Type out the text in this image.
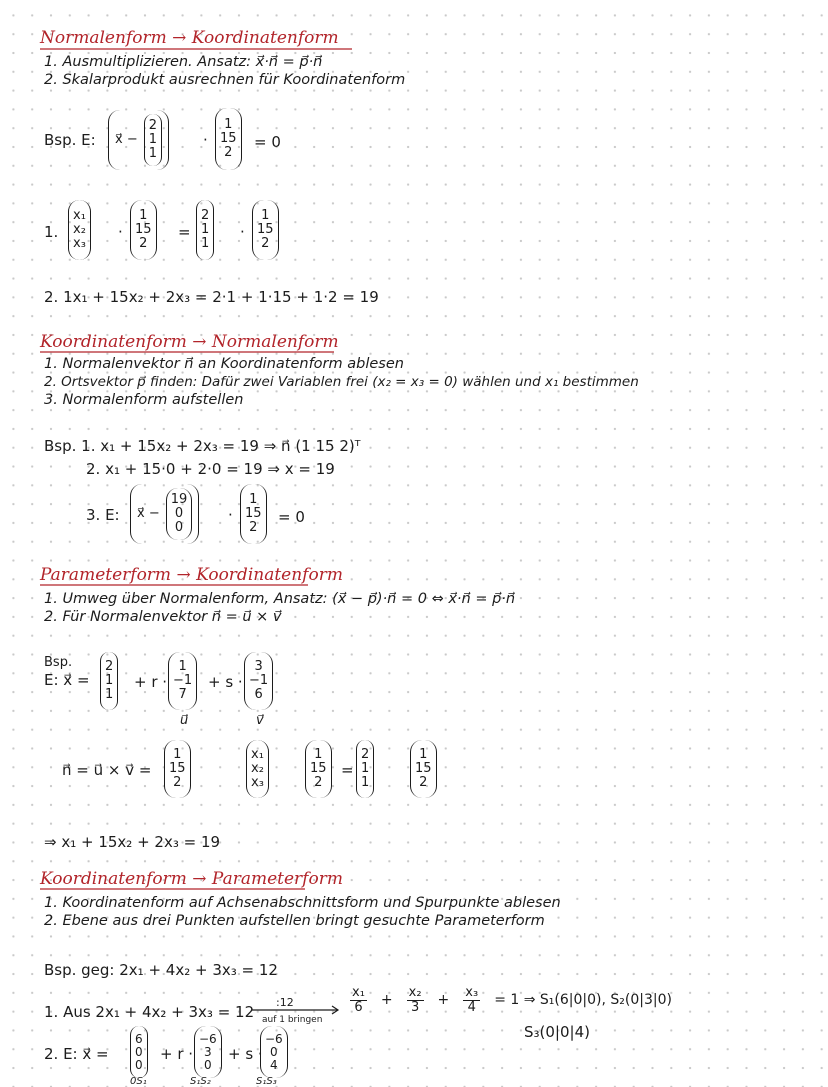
Normalenform → Koordinatenform
1. Ausmultiplizieren. Ansatz: x⃗·n⃗ = p⃗·n⃗
2. Skalarprodukt ausrechnen für Koordinatenform
Bsp. E: x⃗ −
2
1
1
·
1
15
2
= 0
1.
x₁
x₂
x₃
·
1
15
2
=
2
1
1
·
1
15
2
2. 1x₁ + 15x₂ + 2x₃ = 2·1 + 1·15 + 1·2 = 19
Koordinatenform → Normalenform
1. Normalenvektor n⃗ an Koordinatenform ablesen
2. Ortsvektor p⃗ finden: Dafür zwei Variablen frei (x₂ = x₃ = 0) wählen und x₁ bestimmen
3. Normalenform aufstellen
Bsp. 1. x₁ + 15x₂ + 2x₃ = 19 ⇒ n⃗ (1 15 2)ᵀ
2. x₁ + 15·0 + 2·0 = 19 ⇒ x = 19
3. E: x⃗ −
19
0
0
·
1
15
2
= 0
Parameterform → Koordinatenform
1. Umweg über Normalenform, Ansatz: (x⃗ − p⃗)·n⃗ = 0 ⇔ x⃗·n⃗ = p⃗·n⃗
2. Für Normalenvektor n⃗ = u⃗ × v⃗
Bsp.
E: x⃗ =
2
1
1
+ r ·
1
−1
7
u⃗
+ s ·
3
−1
6
v⃗
n⃗ = u⃗ × v⃗ =
1
15
2
x₁
x₂
x₃
1
15
2
=
2
1
1
1
15
2
⇒ x₁ + 15x₂ + 2x₃ = 19
Koordinatenform → Parameterform
1. Koordinatenform auf Achsenabschnittsform und Spurpunkte ablesen
2. Ebene aus drei Punkten aufstellen bringt gesuchte Parameterform
Bsp. geg: 2x₁ + 4x₂ + 3x₃ = 12
1. Aus 2x₁ + 4x₂ + 3x₃ = 12
:12
auf 1 bringen
$\frac{\text{x₁}}{6} + \frac{\text{x₂}}{3} + \frac{\text{x₃}}{4} = 1$ ⇒ S₁(6|0|0), S₂(0|3|0)
S₃(0|0|4)
2. E: x⃗ =
6
0
0
0S₁
+ r ·
−6
3
0
S₁S₂
+ s ·
−6
0
4
S₁S₃
